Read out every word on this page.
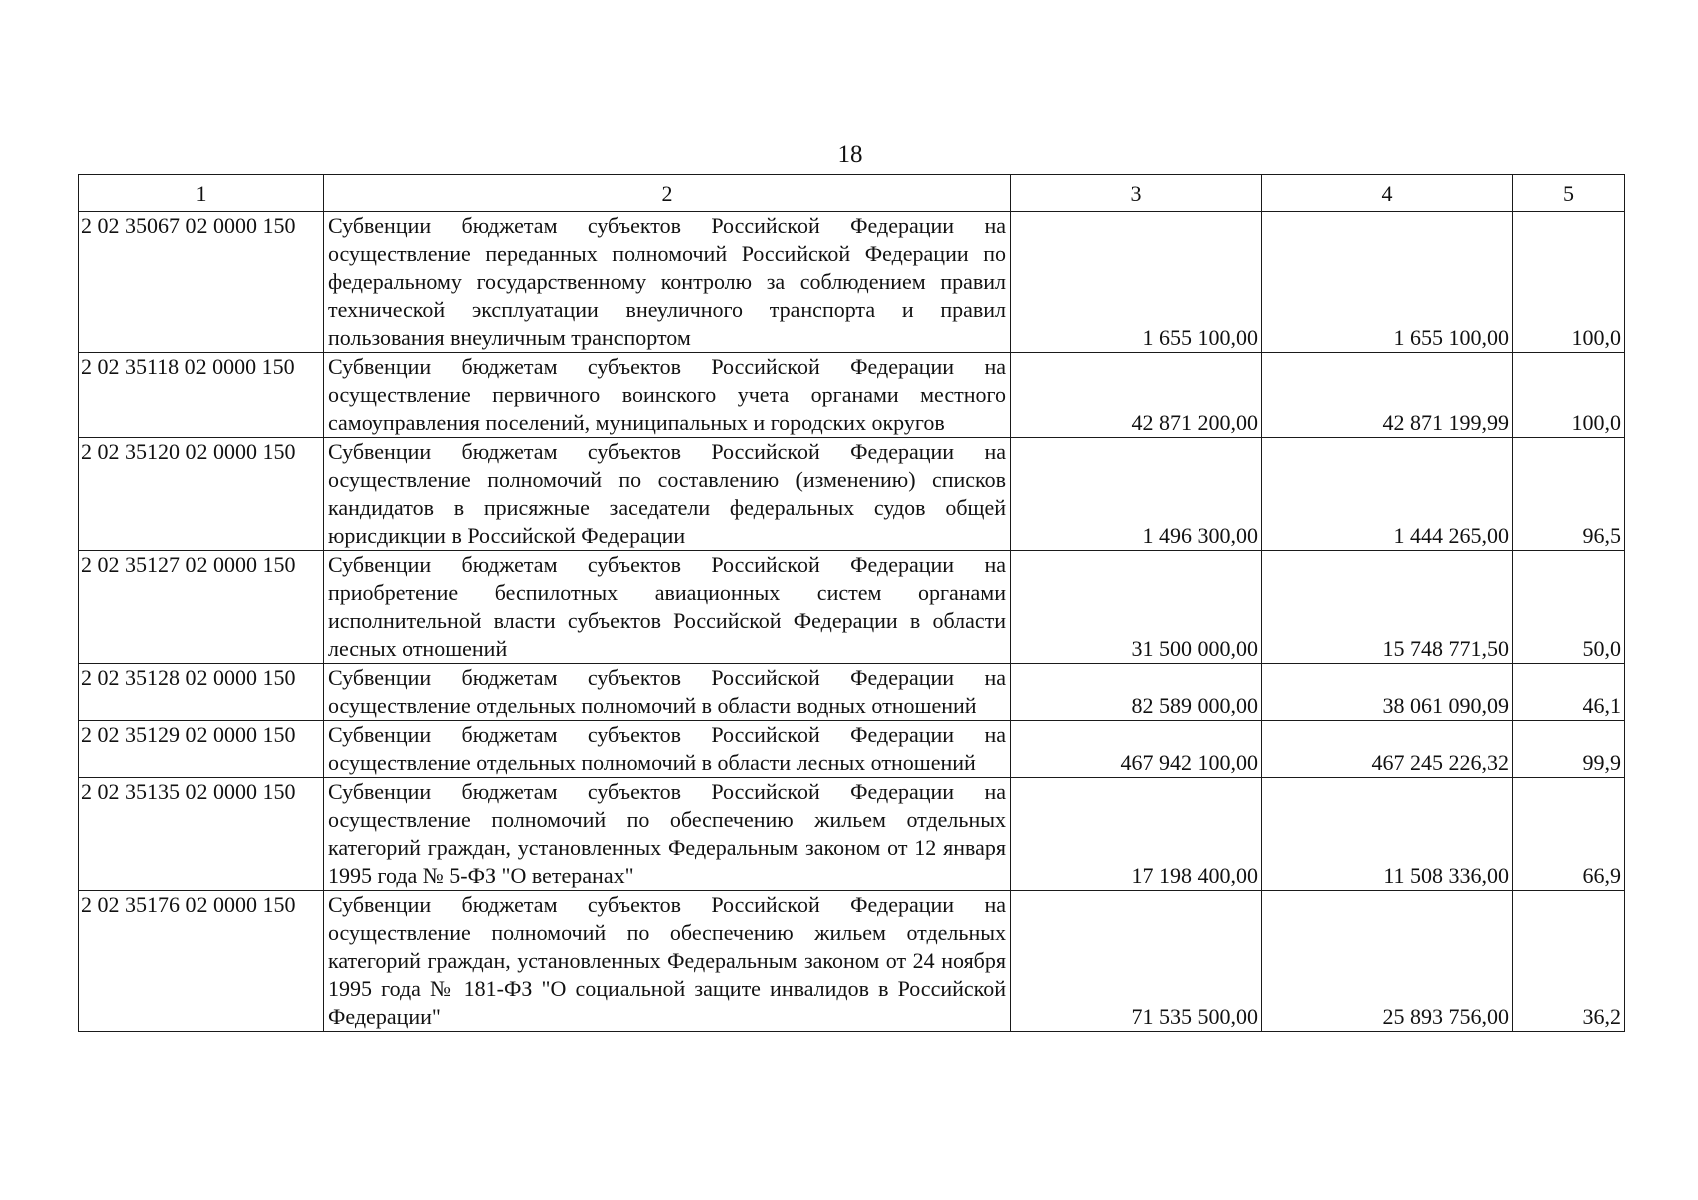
18
1	2	3	4	5
2 02 35067 02 0000 150	Субвенции бюджетам субъектов Российской Федерации на осуществление переданных полномочий Российской Федерации по федеральному государственному контролю за соблюдением правил технической эксплуатации внеуличного транспорта и правил пользования внеуличным транспортом	1 655 100,00	1 655 100,00	100,0
2 02 35118 02 0000 150	Субвенции бюджетам субъектов Российской Федерации на осуществление первичного воинского учета органами местного самоуправления поселений, муниципальных и городских округов	42 871 200,00	42 871 199,99	100,0
2 02 35120 02 0000 150	Субвенции бюджетам субъектов Российской Федерации на осуществление полномочий по составлению (изменению) списков кандидатов в присяжные заседатели федеральных судов общей юрисдикции в Российской Федерации	1 496 300,00	1 444 265,00	96,5
2 02 35127 02 0000 150	Субвенции бюджетам субъектов Российской Федерации на приобретение беспилотных авиационных систем органами исполнительной власти субъектов Российской Федерации в области лесных отношений	31 500 000,00	15 748 771,50	50,0
2 02 35128 02 0000 150	Субвенции бюджетам субъектов Российской Федерации на осуществление отдельных полномочий в области водных отношений	82 589 000,00	38 061 090,09	46,1
2 02 35129 02 0000 150	Субвенции бюджетам субъектов Российской Федерации на осуществление отдельных полномочий в области лесных отношений	467 942 100,00	467 245 226,32	99,9
2 02 35135 02 0000 150	Субвенции бюджетам субъектов Российской Федерации на осуществление полномочий по обеспечению жильем отдельных категорий граждан, установленных Федеральным законом от 12 января 1995 года № 5-ФЗ "О ветеранах"	17 198 400,00	11 508 336,00	66,9
2 02 35176 02 0000 150	Субвенции бюджетам субъектов Российской Федерации на осуществление полномочий по обеспечению жильем отдельных категорий граждан, установленных Федеральным законом от 24 ноября 1995 года № 181-ФЗ "О социальной защите инвалидов в Российской Федерации"	71 535 500,00	25 893 756,00	36,2
